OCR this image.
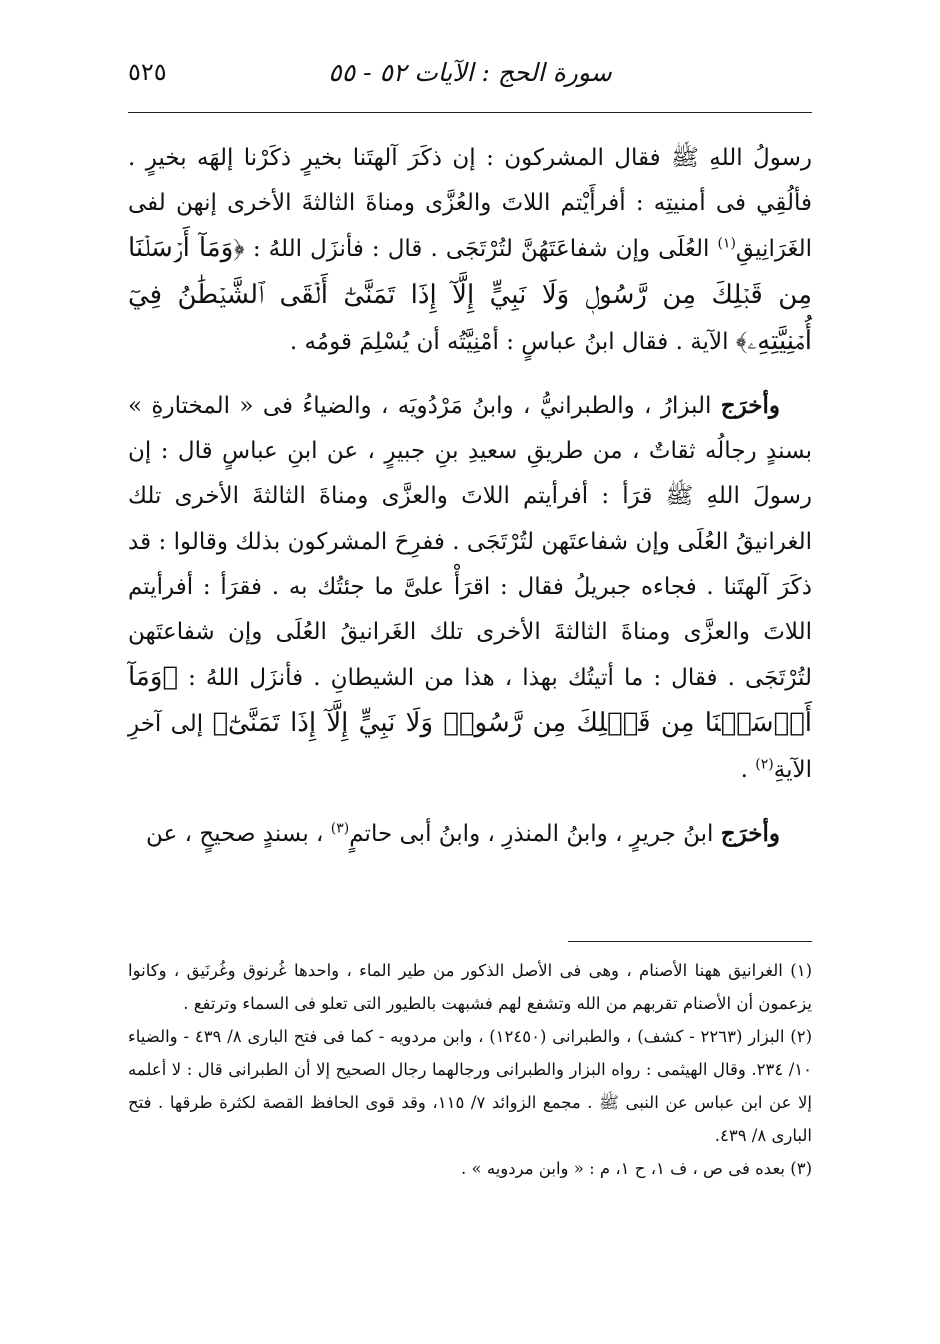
سورة الحج : الآيات ٥٢ - ٥٥
٥٢٥

رسولُ اللهِ ﷺ فقال المشركون : إن ذكَرَ آلهتَنا بخيرٍ ذكَرْنا إلهَه بخيرٍ . فألُقِي فى أمنيتِه : أفرأَيْتم اللاتَ والعُزَّى ومناةَ الثالثةَ الأخرى إنهن لفى الغَرَانِيقِ$^{(١)}$ العُلَى وإن شفاعَتَهُنَّ لتُرْتَجَى . قال : فأنزَل اللهُ : ﴿وَمَآ أَرۡسَلۡنَا مِن قَبۡلِكَ مِن رَّسُولٖ وَلَا نَبِيٍّ إِلَّآ إِذَا تَمَنَّىٰٓ أَلۡقَى ٱلشَّيۡطَٰنُ فِيٓ أُمۡنِيَّتِهِۦ﴾ الآية . فقال ابنُ عباسٍ : أمْنِيَّتُه أن يُسْلِمَ قومُه .

وأخرَج البزارُ ، والطبرانيُّ ، وابنُ مَرْدُويَه ، والضياءُ فى « المختارةِ » بسندٍ رجالُه ثقاتٌ ، من طريقِ سعيدِ بنِ جبيرٍ ، عن ابنِ عباسٍ قال : إن رسولَ اللهِ ﷺ قرَأ : أفرأيتم اللاتَ والعزَّى ومناةَ الثالثةَ الأخرى تلك الغرانيقُ العُلَى وإن شفاعتَهن لتُرْتَجَى . ففرِحَ المشركون بذلك وقالوا : قد ذكَرَ آلهتَنا . فجاءه جبريلُ فقال : اقرَأْ علىَّ ما جئتُك به . فقرَأ : أفرأيتم اللاتَ والعزَّى ومناةَ الثالثةَ الأخرى تلك الغَرانيقُ العُلَى وإن شفاعتَهن لتُرْتَجَى . فقال : ما أتيتُك بهذا ، هذا من الشيطانِ . فأنزَل اللهُ : ﴿وَمَآ أَرۡسَلۡنَا مِن قَبۡلِكَ مِن رَّسُولٖ وَلَا نَبِيٍّ إِلَّآ إِذَا تَمَنَّىٰٓ﴾ إلى آخرِ الآيةِ$^{(٢)}$ .

وأخرَج ابنُ جريرٍ ، وابنُ المنذرِ ، وابنُ أبى حاتمٍ$^{(٣)}$ ، بسندٍ صحيحٍ ، عن

(١) الغرانيق ههنا الأصنام ، وهى فى الأصل الذكور من طير الماء ، واحدها غُرنوق وغُرنَيق ، وكانوا يزعمون أن الأصنام تقربهم من الله وتشفع لهم فشبهت بالطيور التى تعلو فى السماء وترتفع .

(٢) البزار (٢٢٦٣ - كشف) ، والطبرانى (١٢٤٥٠) ، وابن مردويه - كما فى فتح البارى ٨/ ٤٣٩ - والضياء ١٠/ ٢٣٤. وقال الهيثمى : رواه البزار والطبرانى ورجالهما رجال الصحيح إلا أن الطبرانى قال : لا أعلمه إلا عن ابن عباس عن النبى ﷺ . مجمع الزوائد ٧/ ١١٥، وقد قوى الحافظ القصة لكثرة طرقها . فتح البارى ٨/ ٤٣٩.

(٣) بعده فى ص ، ف ١، ح ١، م : « وابن مردويه » .
